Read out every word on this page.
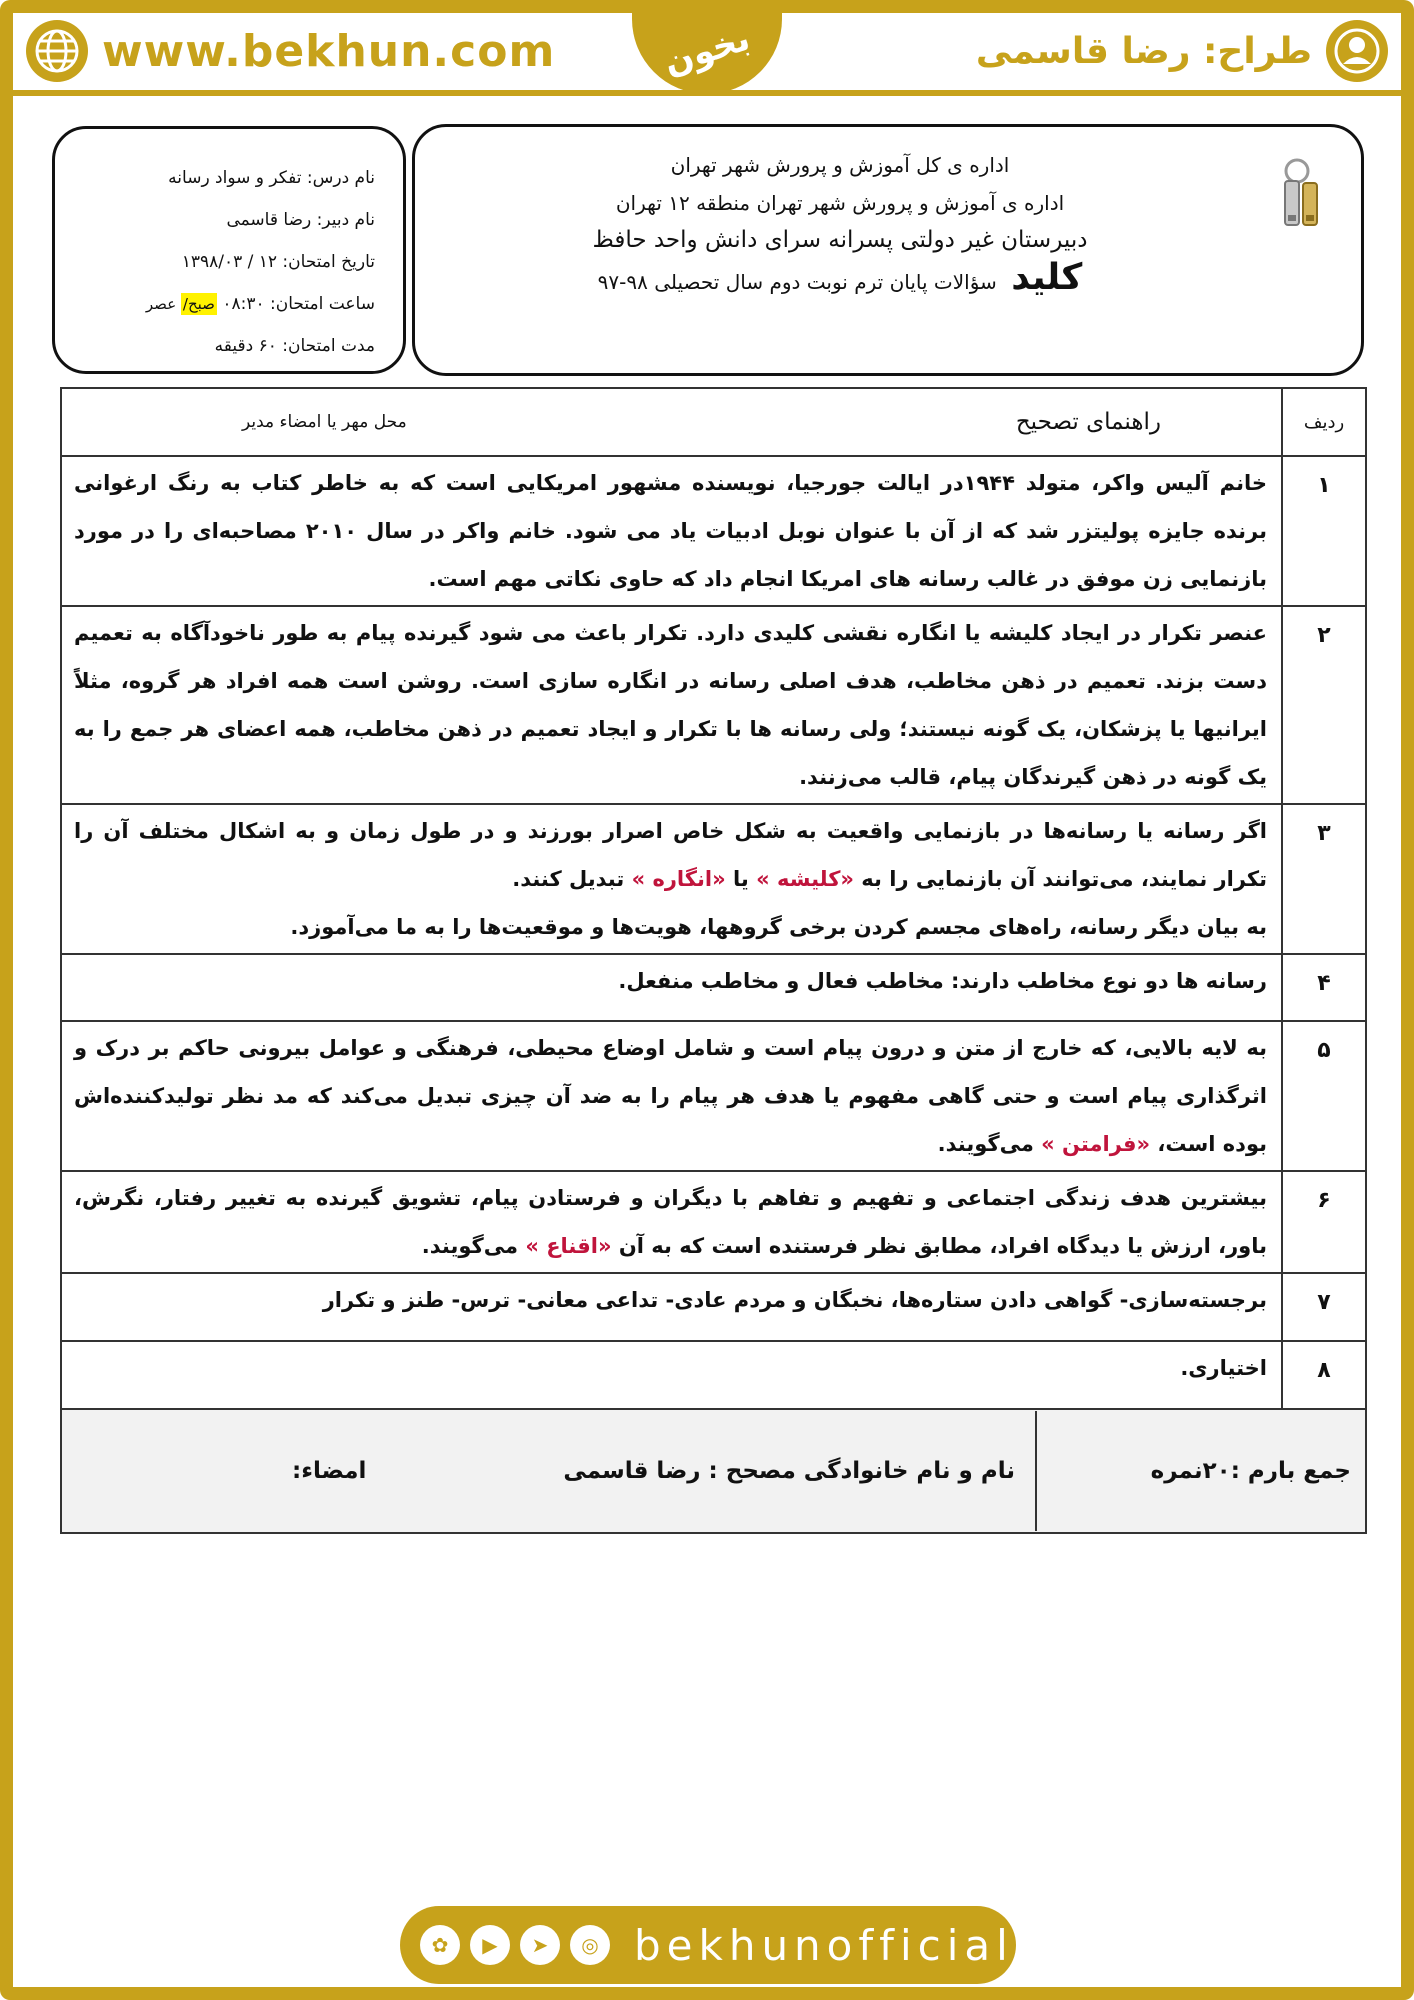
www.bekhun.com	بخون	طراح: رضا قاسمی
اداره ی کل آموزش و پرورش شهر تهران
اداره ی آموزش و پرورش شهر تهران منطقه ۱۲ تهران
دبیرستان غیر دولتی پسرانه سرای دانش واحد حافظ
کلید سؤالات پایان ترم نوبت دوم سال تحصیلی ۹۸-۹۷
نام درس: تفکر و سواد رسانه
نام دبیر: رضا قاسمی
تاریخ امتحان: ۱۲ / ۱۳۹۸/۰۳
ساعت امتحان: ۰۸:۳۰ صبح/ عصر
مدت امتحان: ۶۰ دقیقه
ردیف	راهنمای تصحیح
محل مهر یا امضاء مدیر

۱	خانم آلیس واکر، متولد ۱۹۴۴در ایالت جورجیا، نویسنده مشهور امریکایی است که به خاطر کتاب به رنگ ارغوانی برنده جایزه پولیتزر شد که از آن با عنوان نوبل ادبیات یاد می شود. خانم واکر در سال ۲۰۱۰ مصاحبه‌ای را در مورد بازنمایی زن موفق در غالب رسانه های امریکا انجام داد که حاوی نکاتی مهم است.
۲	عنصر تکرار در ایجاد کلیشه یا انگاره نقشی کلیدی دارد. تکرار باعث می شود گیرنده پیام به طور ناخودآگاه به تعمیم دست بزند. تعمیم در ذهن مخاطب، هدف اصلی رسانه در انگاره سازی است. روشن است همه افراد هر گروه، مثلاً ایرانیها یا پزشکان، یک گونه نیستند؛ ولی رسانه ها با تکرار و ایجاد تعمیم در ذهن مخاطب، همه اعضای هر جمع را به یک گونه در ذهن گیرندگان پیام، قالب می‌زنند.
۳	اگر رسانه یا رسانه‌ها در بازنمایی واقعیت به شکل خاص اصرار بورزند و در طول زمان و به اشکال مختلف آن را تکرار نمایند، می‌توانند آن بازنمایی را به «کلیشه » یا «انگاره » تبدیل کنند.
به بیان دیگر رسانه، راه‌های مجسم کردن برخی گروهها، هویت‌ها و موقعیت‌ها را به ما می‌آموزد.
۴	رسانه ها دو نوع مخاطب دارند: مخاطب فعال و مخاطب منفعل.
۵	به لایه بالایی، که خارج از متن و درون پیام است و شامل اوضاع محیطی، فرهنگی و عوامل بیرونی حاکم بر درک و اثرگذاری پیام است و حتی گاهی مفهوم یا هدف هر پیام را به ضد آن چیزی تبدیل می‌کند که مد نظر تولیدکننده‌اش بوده است، «فرامتن » می‌گویند.
۶	بیشترین هدف زندگی اجتماعی و تفهیم و تفاهم با دیگران و فرستادن پیام، تشویق گیرنده به تغییر رفتار، نگرش، باور، ارزش یا دیدگاه افراد، مطابق نظر فرستنده است که به آن «اقناع » می‌گویند.
۷	برجسته‌سازی- گواهی دادن ستاره‌ها، نخبگان و مردم عادی- تداعی معانی- ترس- طنز و تکرار
۸	اختیاری.

جمع بارم :۲۰نمره
نام و نام خانوادگی مصحح : رضا قاسمی
امضاء:	
✿	▶	➤	◎ bekhunofficial
